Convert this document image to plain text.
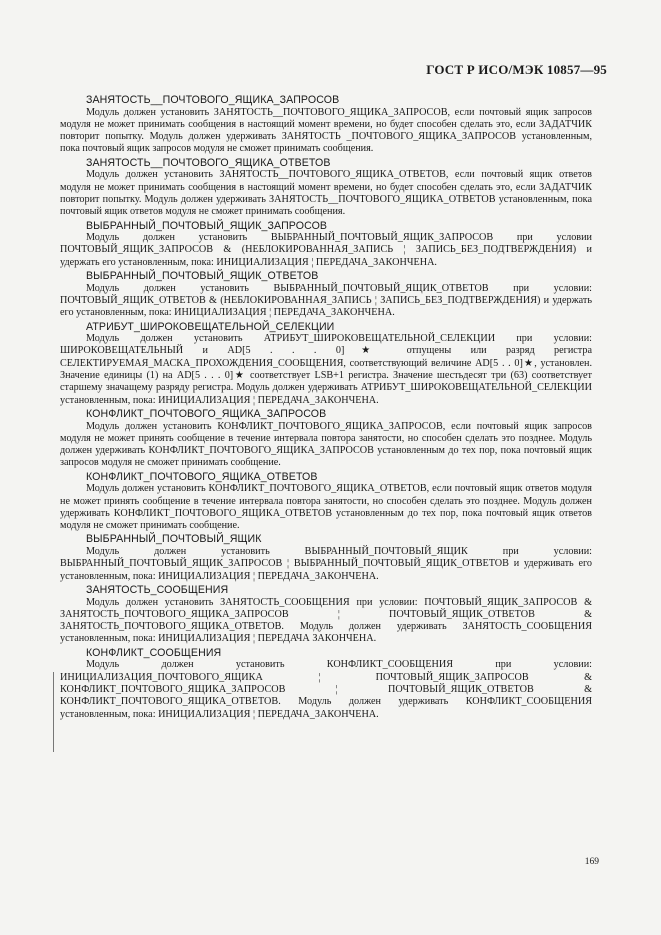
ГОСТ Р ИСО/МЭК 10857—95

ЗАНЯТОСТЬ__ПОЧТОВОГО_ЯЩИКА_ЗАПРОСОВ

Модуль должен установить ЗАНЯТОСТЬ__ПОЧТОВОГО_ЯЩИКА_ЗАПРОСОВ, если почтовый ящик запросов модуля не может принимать сообщения в настоящий момент времени, но будет способен сделать это, если ЗАДАТЧИК повторит попытку. Модуль должен удерживать ЗАНЯТОСТЬ _ПОЧТОВОГО_ЯЩИКА_ЗАПРОСОВ установленным, пока почтовый ящик запросов модуля не сможет принимать сообщения.

ЗАНЯТОСТЬ__ПОЧТОВОГО_ЯЩИКА_ОТВЕТОВ

Модуль должен установить ЗАНЯТОСТЬ__ПОЧТОВОГО_ЯЩИКА_ОТВЕТОВ, если почтовый ящик ответов модуля не может принимать сообщения в настоящий момент времени, но будет способен сделать это, если ЗАДАТЧИК повторит попытку. Модуль должен удерживать ЗАНЯТОСТЬ__ПОЧТОВОГО_ЯЩИКА_ОТВЕТОВ установленным, пока почтовый ящик ответов модуля не сможет принимать сообщения.

ВЫБРАННЫЙ_ПОЧТОВЫЙ_ЯЩИК_ЗАПРОСОВ

Модуль должен установить ВЫБРАННЫЙ_ПОЧТОВЫЙ_ЯЩИК_ЗАПРОСОВ при условии ПОЧТОВЫЙ_ЯЩИК_ЗАПРОСОВ & (НЕБЛОКИРОВАННАЯ_ЗАПИСЬ ¦ ЗАПИСЬ_БЕЗ_ПОДТВЕРЖДЕНИЯ) и удержать его установленным, пока: ИНИЦИАЛИЗАЦИЯ ¦ ПЕРЕДАЧА_ЗАКОНЧЕНА.

ВЫБРАННЫЙ_ПОЧТОВЫЙ_ЯЩИК_ОТВЕТОВ

Модуль должен установить ВЫБРАННЫЙ_ПОЧТОВЫЙ_ЯЩИК_ОТВЕТОВ при условии: ПОЧТОВЫЙ_ЯЩИК_ОТВЕТОВ & (НЕБЛОКИРОВАННАЯ_ЗАПИСЬ ¦ ЗАПИСЬ_БЕЗ_ПОДТВЕРЖДЕНИЯ) и удержать его установленным, пока: ИНИЦИАЛИЗАЦИЯ ¦ ПЕРЕДАЧА_ЗАКОНЧЕНА.

АТРИБУТ_ШИРОКОВЕЩАТЕЛЬНОЙ_СЕЛЕКЦИИ

Модуль должен установить АТРИБУТ_ШИРОКОВЕЩАТЕЛЬНОЙ_СЕЛЕКЦИИ при условии: ШИРОКОВЕЩАТЕЛЬНЫЙ и AD[5 . . . 0]★ отпущены или разряд регистра СЕЛЕКТИРУЕМАЯ_МАСКА_ПРОХОЖДЕНИЯ_СООБЩЕНИЯ, соответствующий величине AD[5 . . 0]★, установлен. Значение единицы (1) на AD[5 . . . 0]★ соответствует LSB+1 регистра. Значение шестьдесят три (63) соответствует старшему значащему разряду регистра. Модуль должен удерживать АТРИБУТ_ШИРОКОВЕЩАТЕЛЬНОЙ_СЕЛЕКЦИИ установленным, пока: ИНИЦИАЛИЗАЦИЯ ¦ ПЕРЕДАЧА_ЗАКОНЧЕНА.

КОНФЛИКТ_ПОЧТОВОГО_ЯЩИКА_ЗАПРОСОВ

Модуль должен установить КОНФЛИКТ_ПОЧТОВОГО_ЯЩИКА_ЗАПРОСОВ, если почтовый ящик запросов модуля не может принять сообщение в течение интервала повтора занятости, но способен сделать это позднее. Модуль должен удерживать КОНФЛИКТ_ПОЧТОВОГО_ЯЩИКА_ЗАПРОСОВ установленным до тех пор, пока почтовый ящик запросов модуля не сможет принимать сообщение.

КОНФЛИКТ_ПОЧТОВОГО_ЯЩИКА_ОТВЕТОВ

Модуль должен установить КОНФЛИКТ_ПОЧТОВОГО_ЯЩИКА_ОТВЕТОВ, если почтовый ящик ответов модуля не может принять сообщение в течение интервала повтора занятости, но способен сделать это позднее. Модуль должен удерживать КОНФЛИКТ_ПОЧТОВОГО_ЯЩИКА_ОТВЕТОВ установленным до тех пор, пока почтовый ящик ответов модуля не сможет принимать сообщение.

ВЫБРАННЫЙ_ПОЧТОВЫЙ_ЯЩИК

Модуль должен установить ВЫБРАННЫЙ_ПОЧТОВЫЙ_ЯЩИК при условии: ВЫБРАННЫЙ_ПОЧТОВЫЙ_ЯЩИК_ЗАПРОСОВ ¦ ВЫБРАННЫЙ_ПОЧТОВЫЙ_ЯЩИК_ОТВЕТОВ и удерживать его установленным, пока: ИНИЦИАЛИЗАЦИЯ ¦ ПЕРЕДАЧА_ЗАКОНЧЕНА.

ЗАНЯТОСТЬ_СООБЩЕНИЯ

Модуль должен установить ЗАНЯТОСТЬ_СООБЩЕНИЯ при условии: ПОЧТОВЫЙ_ЯЩИК_ЗАПРОСОВ & ЗАНЯТОСТЬ_ПОЧТОВОГО_ЯЩИКА_ЗАПРОСОВ ¦ ПОЧТОВЫЙ_ЯЩИК_ОТВЕТОВ & ЗАНЯТОСТЬ_ПОЧТОВОГО_ЯЩИКА_ОТВЕТОВ. Модуль должен удерживать ЗАНЯТОСТЬ_СООБЩЕНИЯ установленным, пока: ИНИЦИАЛИЗАЦИЯ ¦ ПЕРЕДАЧА ЗАКОНЧЕНА.

КОНФЛИКТ_СООБЩЕНИЯ

Модуль должен установить КОНФЛИКТ_СООБЩЕНИЯ при условии: ИНИЦИАЛИЗАЦИЯ_ПОЧТОВОГО_ЯЩИКА ¦ ПОЧТОВЫЙ_ЯЩИК_ЗАПРОСОВ & КОНФЛИКТ_ПОЧТОВОГО_ЯЩИКА_ЗАПРОСОВ ¦ ПОЧТОВЫЙ_ЯЩИК_ОТВЕТОВ & КОНФЛИКТ_ПОЧТОВОГО_ЯЩИКА_ОТВЕТОВ. Модуль должен удерживать КОНФЛИКТ_СООБЩЕНИЯ установленным, пока: ИНИЦИАЛИЗАЦИЯ ¦ ПЕРЕДАЧА_ЗАКОНЧЕНА.

169
